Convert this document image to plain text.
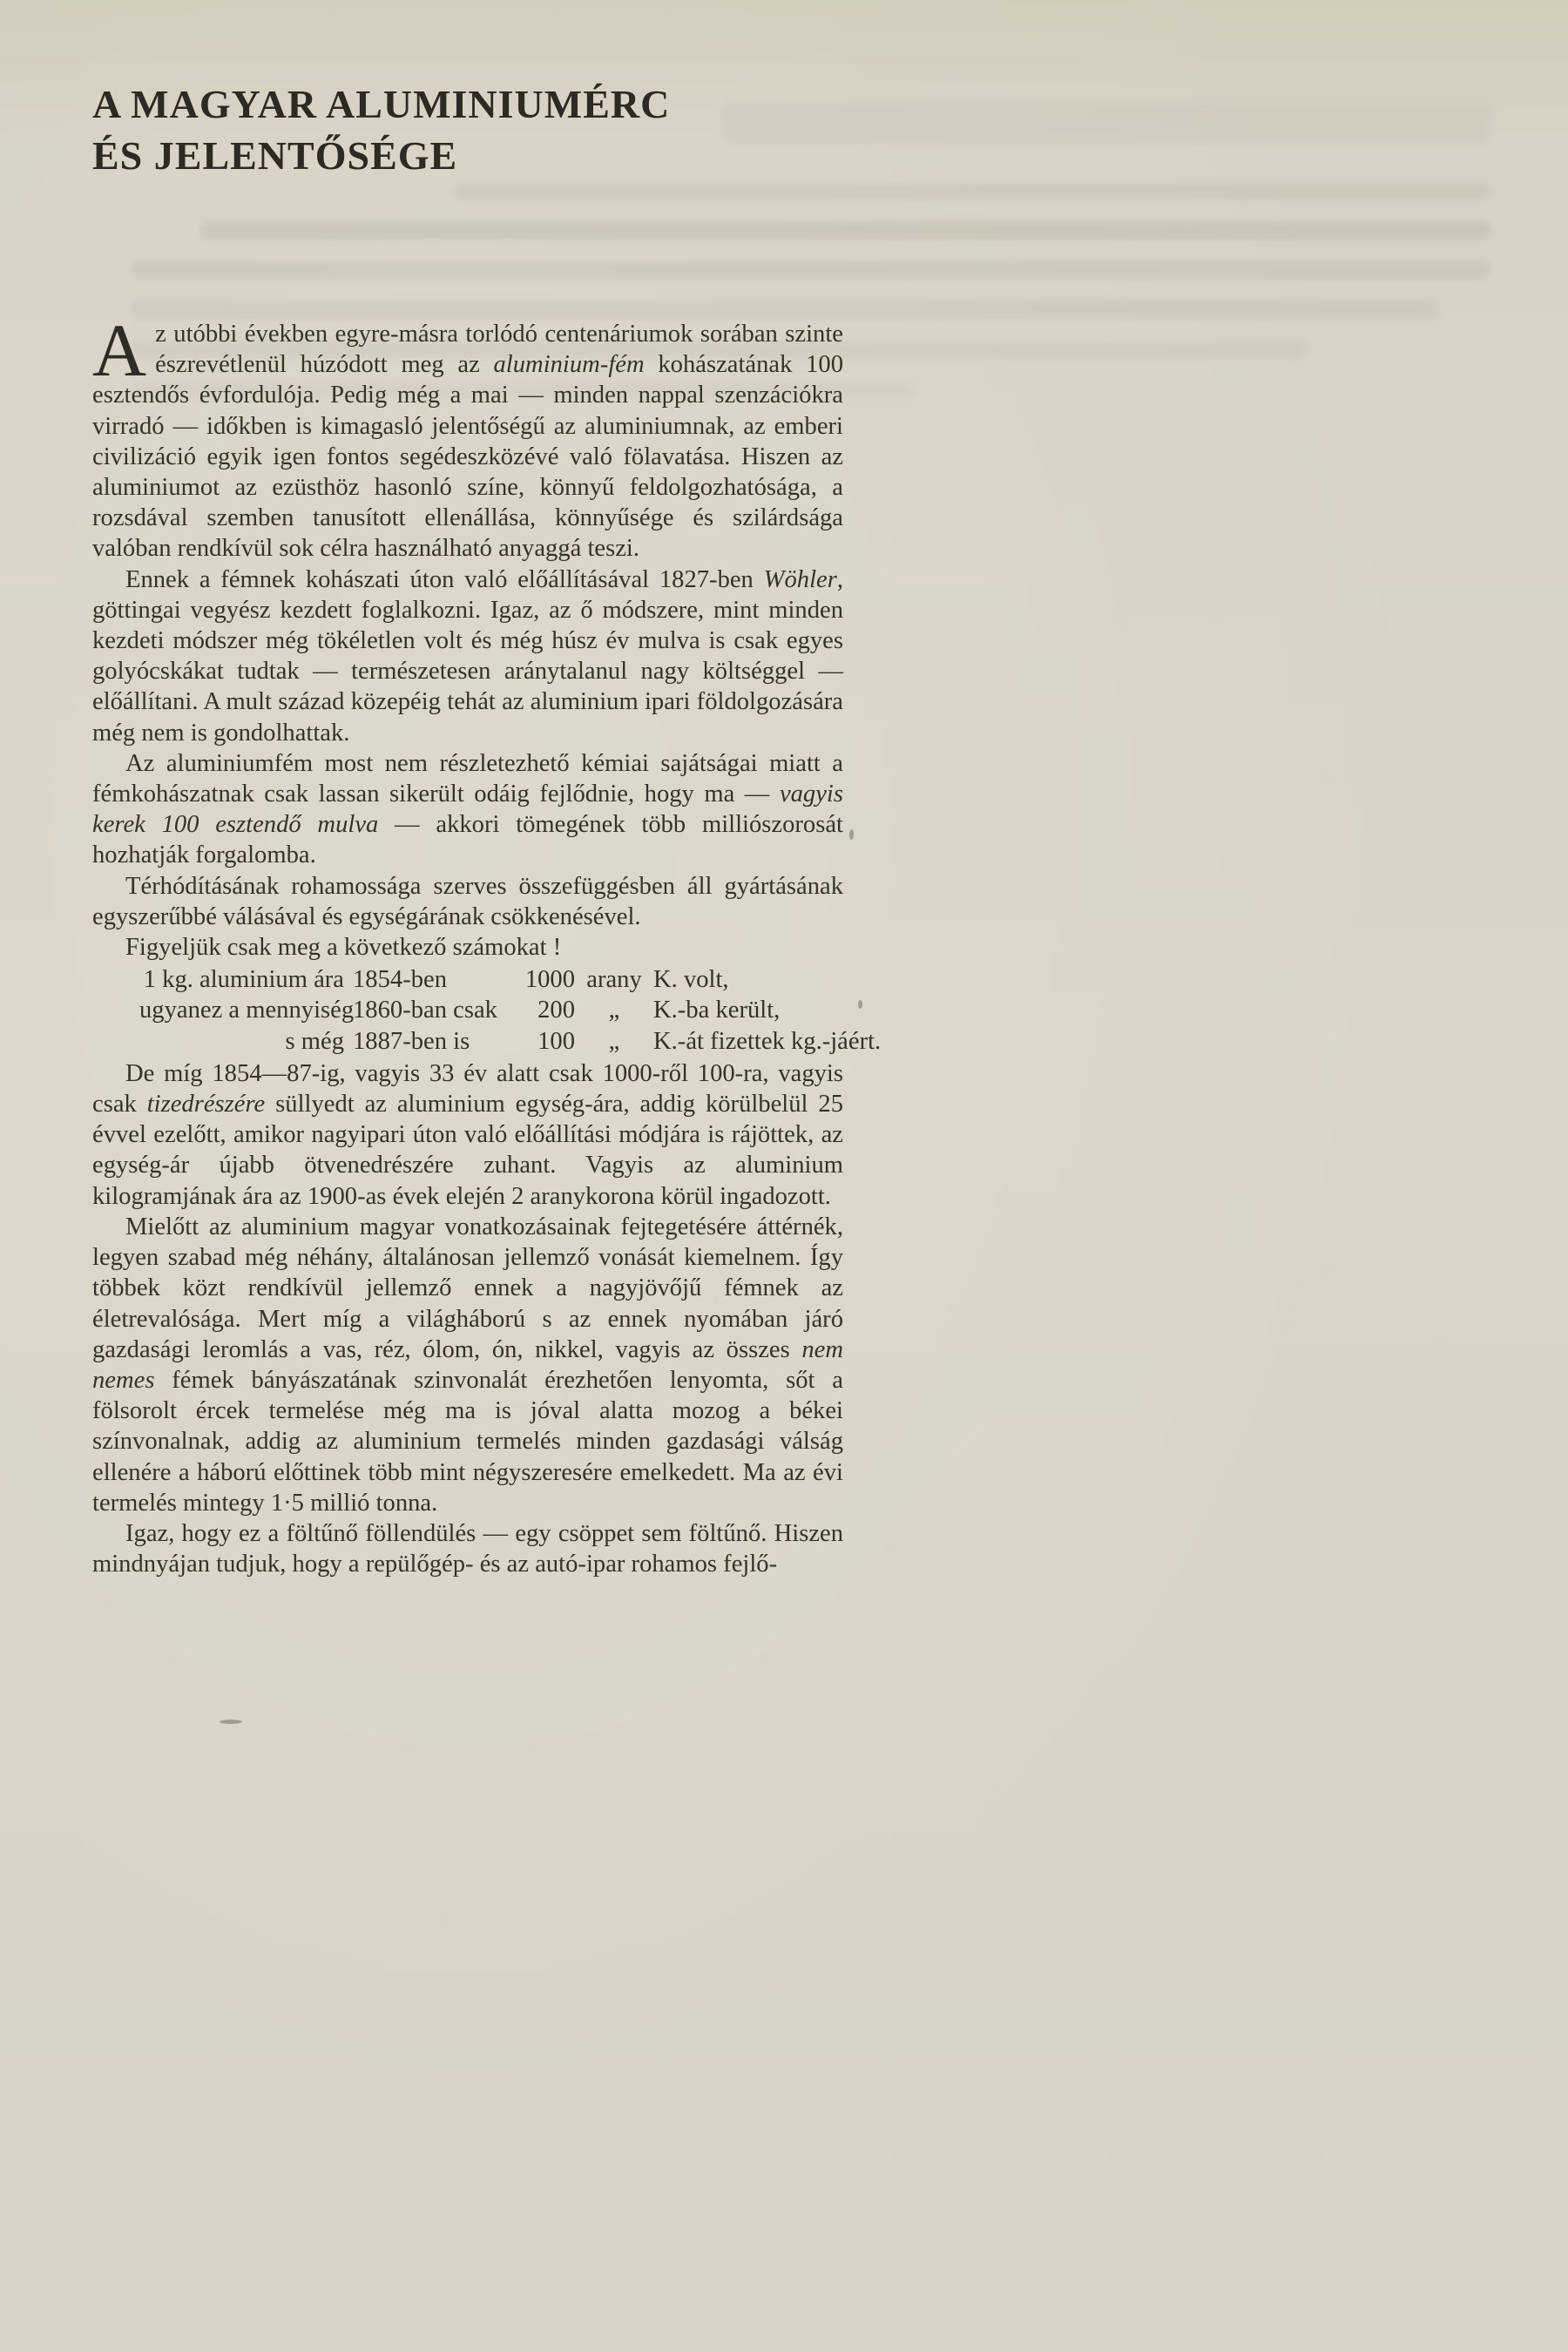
A MAGYAR ALUMINIUMÉRC
ÉS JELENTŐSÉGE

Az utóbbi években egyre-másra torlódó centenáriumok sorában szinte észrevétlenül húzódott meg az aluminium-fém kohászatának 100 esztendős évfordulója. Pedig még a mai — minden nappal szenzációkra virradó — időkben is kimagasló jelentőségű az aluminiumnak, az emberi civilizáció egyik igen fontos segédeszközévé való fölavatása. Hiszen az aluminiumot az ezüsthöz hasonló színe, könnyű feldolgozhatósága, a rozsdával szemben tanusított ellenállása, könnyűsége és szilárdsága valóban rendkívül sok célra használható anyaggá teszi.

Ennek a fémnek kohászati úton való előállításával 1827-ben Wöhler, göttingai vegyész kezdett foglalkozni. Igaz, az ő módszere, mint minden kezdeti módszer még tökéletlen volt és még húsz év mulva is csak egyes golyócskákat tudtak — természetesen aránytalanul nagy költséggel — előállítani. A mult század közepéig tehát az aluminium ipari földolgozására még nem is gondolhattak.

Az aluminiumfém most nem részletezhető kémiai sajátságai miatt a fémkohászatnak csak lassan sikerült odáig fejlődnie, hogy ma — vagyis kerek 100 esztendő mulva — akkori tömegének több milliószorosát hozhatják forgalomba.

Térhódításának rohamossága szerves összefüggésben áll gyártásának egyszerűbbé válásával és egységárának csökkenésével.

Figyeljük csak meg a következő számokat !

1 kg. aluminium ára	1854-ben	1000	arany	K. volt,
ugyanez a mennyiség	1860-ban csak	200	„	K.-ba került,
s még	1887-ben is	100	„	K.-át fizettek kg.-jáért.

De míg 1854—87-ig, vagyis 33 év alatt csak 1000-ről 100-ra, vagyis csak tizedrészére süllyedt az aluminium egység-ára, addig körülbelül 25 évvel ezelőtt, amikor nagyipari úton való előállítási módjára is rájöttek, az egység-ár újabb ötvenedrészére zuhant. Vagyis az aluminium kilogramjának ára az 1900-as évek elején 2 aranykorona körül ingadozott.

Mielőtt az aluminium magyar vonatkozásainak fejtegetésére áttérnék, legyen szabad még néhány, általánosan jellemző vonását kiemelnem. Így többek közt rendkívül jellemző ennek a nagyjövőjű fémnek az életrevalósága. Mert míg a világháború s az ennek nyomában járó gazdasági leromlás a vas, réz, ólom, ón, nikkel, vagyis az összes nem nemes fémek bányászatának szinvonalát érezhetően lenyomta, sőt a fölsorolt ércek termelése még ma is jóval alatta mozog a békei színvonalnak, addig az aluminium termelés minden gazdasági válság ellenére a háború előttinek több mint négyszeresére emelkedett. Ma az évi termelés mintegy 1·5 millió tonna.

Igaz, hogy ez a föltűnő föllendülés — egy csöppet sem föltűnő. Hiszen mindnyájan tudjuk, hogy a repülőgép- és az autó-ipar rohamos fejlő-
